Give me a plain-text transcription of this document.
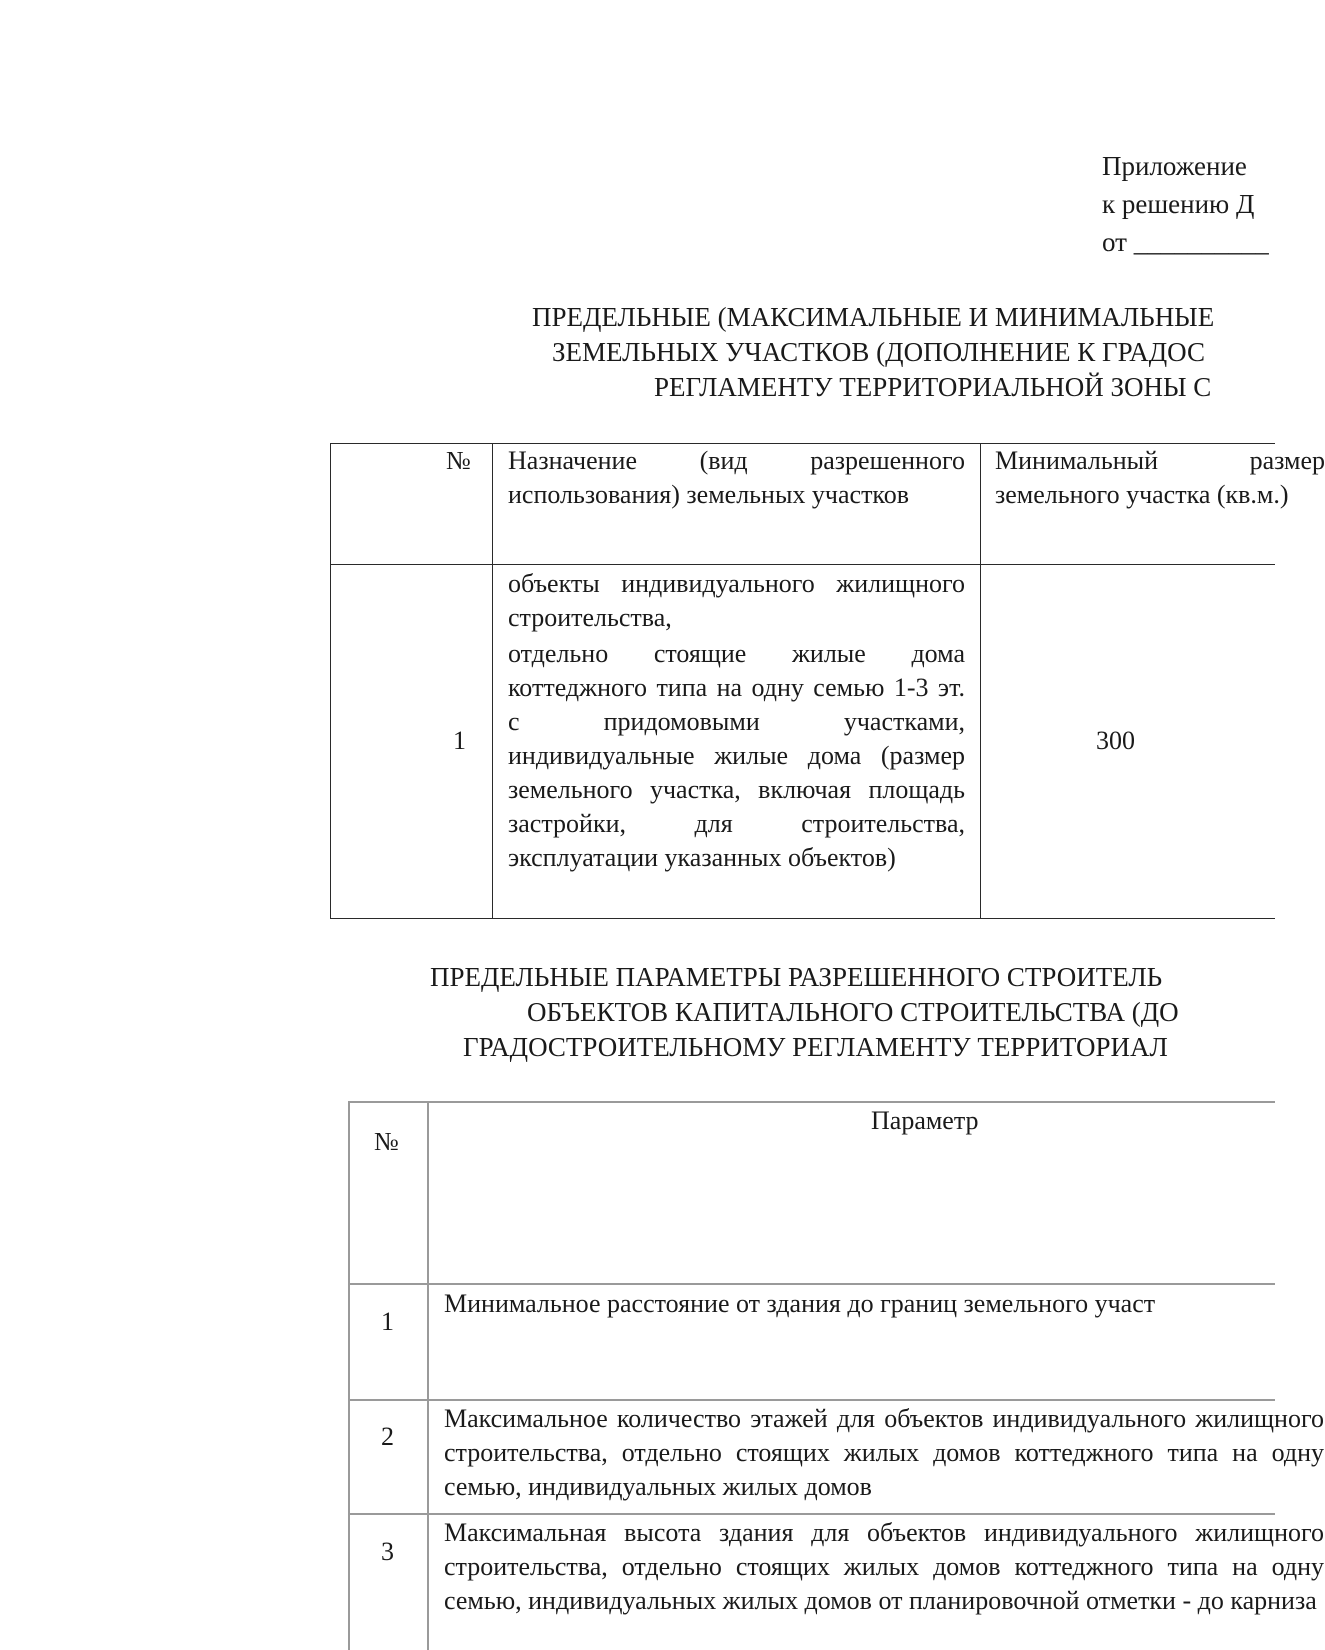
Приложение
к решению Д
от __________
ПРЕДЕЛЬНЫЕ (МАКСИМАЛЬНЫЕ И МИНИМАЛЬНЫЕ
ЗЕМЕЛЬНЫХ УЧАСТКОВ (ДОПОЛНЕНИЕ К ГРАДОС
РЕГЛАМЕНТУ ТЕРРИТОРИАЛЬНОЙ ЗОНЫ С
№ Назначение (вид разрешенного использования) земельных участков
Минимальный размер земельного участка (кв.м.)
1
объекты индивидуального жилищного строительства,
отдельно стоящие жилые дома коттеджного типа на одну семью 1-3 эт. с придомовыми участками, индивидуальные жилые дома (размер земельного участка, включая площадь застройки, для строительства, эксплуатации указанных объектов)
300
ПРЕДЕЛЬНЫЕ ПАРАМЕТРЫ РАЗРЕШЕННОГО СТРОИТЕЛЬ
ОБЪЕКТОВ КАПИТАЛЬНОГО СТРОИТЕЛЬСТВА (ДО
ГРАДОСТРОИТЕЛЬНОМУ РЕГЛАМЕНТУ ТЕРРИТОРИАЛ
№
Параметр
1
Минимальное расстояние от здания до границ земельного участ
2
Максимальное количество этажей для объектов индивидуального жилищного строительства, отдельно стоящих жилых домов коттеджного типа на одну семью, индивидуальных жилых домов
3
Максимальная высота здания для объектов индивидуального жилищного строительства, отдельно стоящих жилых домов коттеджного типа на одну семью, индивидуальных жилых домов от планировочной отметки - до карниза
